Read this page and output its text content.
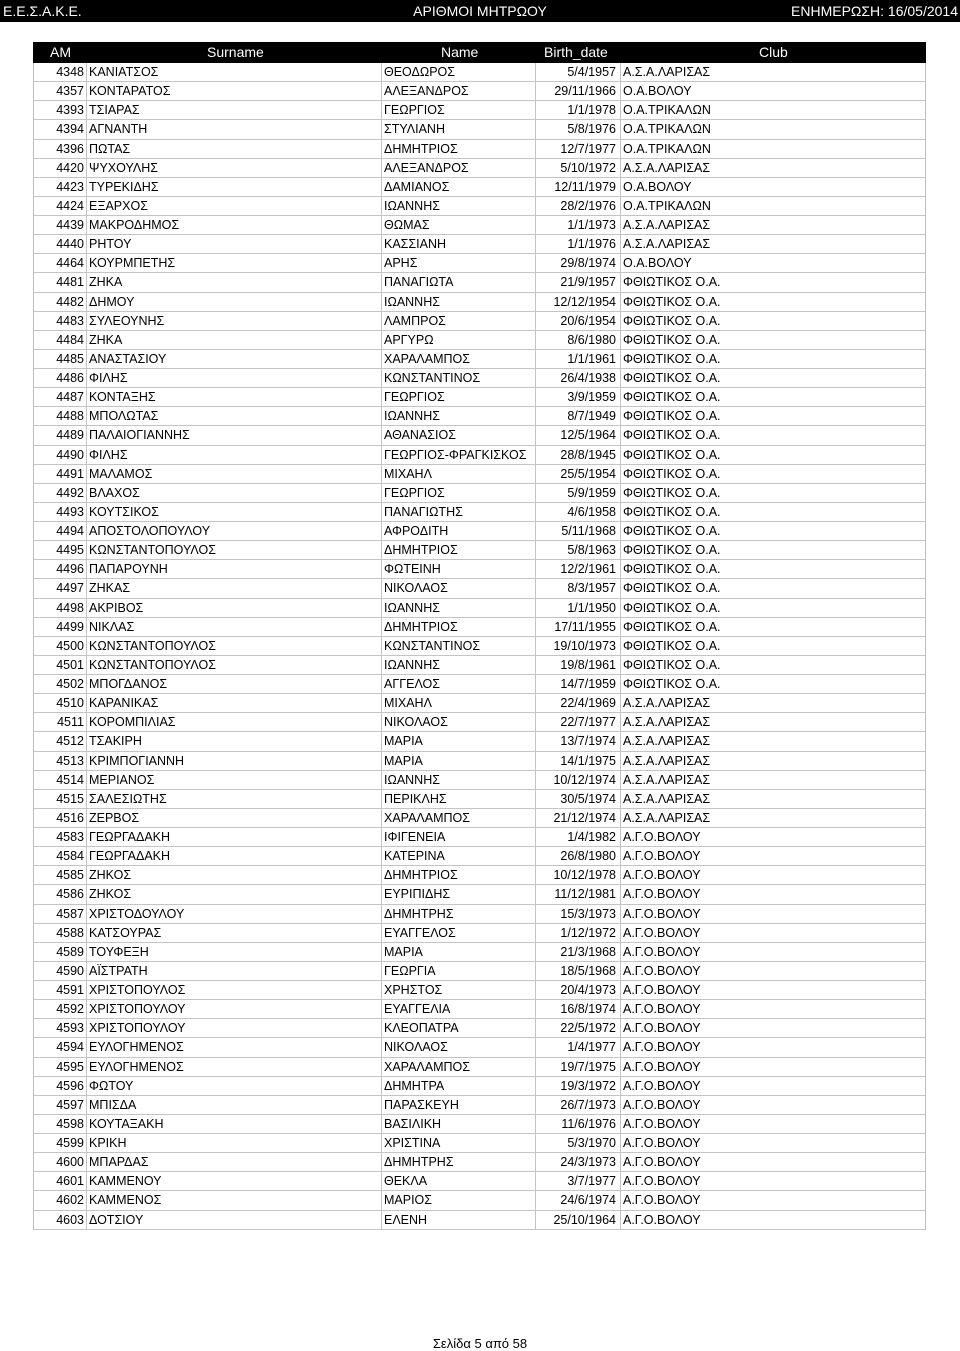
Ε.Ε.Σ.Α.Κ.Ε.	ΑΡΙΘΜΟΙ ΜΗΤΡΩΟΥ	ΕΝΗΜΕΡΩΣΗ: 16/05/2014
AM	Surname	Name	Birth_date	Club
4348 ΚΑΝΙΑΤΣΟΣ	ΘΕΟΔΩΡΟΣ	5/4/1957 Α.Σ.Α.ΛΑΡΙΣΑΣ
4357 ΚΟΝΤΑΡΑΤΟΣ	ΑΛΕΞΑΝΔΡΟΣ	29/11/1966 Ο.Α.ΒΟΛΟΥ
4393 ΤΣΙΑΡΑΣ	ΓΕΩΡΓΙΟΣ	1/1/1978 Ο.Α.ΤΡΙΚΑΛΩΝ
4394 ΑΓΝΑΝΤΗ	ΣΤΥΛΙΑΝΗ	5/8/1976 Ο.Α.ΤΡΙΚΑΛΩΝ
4396 ΠΩΤΑΣ	ΔΗΜΗΤΡΙΟΣ	12/7/1977 Ο.Α.ΤΡΙΚΑΛΩΝ
4420 ΨΥΧΟΥΛΗΣ	ΑΛΕΞΑΝΔΡΟΣ	5/10/1972 Α.Σ.Α.ΛΑΡΙΣΑΣ
4423 ΤΥΡΕΚΙΔΗΣ	ΔΑΜΙΑΝΟΣ	12/11/1979 Ο.Α.ΒΟΛΟΥ
4424 ΕΞΑΡΧΟΣ	ΙΩΑΝΝΗΣ	28/2/1976 Ο.Α.ΤΡΙΚΑΛΩΝ
4439 ΜΑΚΡΟΔΗΜΟΣ	ΘΩΜΑΣ	1/1/1973 Α.Σ.Α.ΛΑΡΙΣΑΣ
4440 ΡΗΤΟΥ	ΚΑΣΣΙΑΝΗ	1/1/1976 Α.Σ.Α.ΛΑΡΙΣΑΣ
4464 ΚΟΥΡΜΠΕΤΗΣ	ΑΡΗΣ	29/8/1974 Ο.Α.ΒΟΛΟΥ
4481 ΖΗΚΑ	ΠΑΝΑΓΙΩΤΑ	21/9/1957 ΦΘΙΩΤΙΚΟΣ Ο.Α.
4482 ΔΗΜΟΥ	ΙΩΑΝΝΗΣ	12/12/1954 ΦΘΙΩΤΙΚΟΣ Ο.Α.
4483 ΣΥΛΕΟΥΝΗΣ	ΛΑΜΠΡΟΣ	20/6/1954 ΦΘΙΩΤΙΚΟΣ Ο.Α.
4484 ΖΗΚΑ	ΑΡΓΥΡΩ	8/6/1980 ΦΘΙΩΤΙΚΟΣ Ο.Α.
4485 ΑΝΑΣΤΑΣΙΟΥ	ΧΑΡΑΛΑΜΠΟΣ	1/1/1961 ΦΘΙΩΤΙΚΟΣ Ο.Α.
4486 ΦΙΛΗΣ	ΚΩΝΣΤΑΝΤΙΝΟΣ	26/4/1938 ΦΘΙΩΤΙΚΟΣ Ο.Α.
4487 ΚΟΝΤΑΞΗΣ	ΓΕΩΡΓΙΟΣ	3/9/1959 ΦΘΙΩΤΙΚΟΣ Ο.Α.
4488 ΜΠΟΛΩΤΑΣ	ΙΩΑΝΝΗΣ	8/7/1949 ΦΘΙΩΤΙΚΟΣ Ο.Α.
4489 ΠΑΛΑΙΟΓΙΑΝΝΗΣ	ΑΘΑΝΑΣΙΟΣ	12/5/1964 ΦΘΙΩΤΙΚΟΣ Ο.Α.
4490 ΦΙΛΗΣ	ΓΕΩΡΓΙΟΣ-ΦΡΑΓΚΙΣΚΟΣ	28/8/1945 ΦΘΙΩΤΙΚΟΣ Ο.Α.
4491 ΜΑΛΑΜΟΣ	ΜΙΧΑΗΛ	25/5/1954 ΦΘΙΩΤΙΚΟΣ Ο.Α.
4492 ΒΛΑΧΟΣ	ΓΕΩΡΓΙΟΣ	5/9/1959 ΦΘΙΩΤΙΚΟΣ Ο.Α.
4493 ΚΟΥΤΣΙΚΟΣ	ΠΑΝΑΓΙΩΤΗΣ	4/6/1958 ΦΘΙΩΤΙΚΟΣ Ο.Α.
4494 ΑΠΟΣΤΟΛΟΠΟΥΛΟΥ	ΑΦΡΟΔΙΤΗ	5/11/1968 ΦΘΙΩΤΙΚΟΣ Ο.Α.
4495 ΚΩΝΣΤΑΝΤΟΠΟΥΛΟΣ	ΔΗΜΗΤΡΙΟΣ	5/8/1963 ΦΘΙΩΤΙΚΟΣ Ο.Α.
4496 ΠΑΠΑΡΟΥΝΗ	ΦΩΤΕΙΝΗ	12/2/1961 ΦΘΙΩΤΙΚΟΣ Ο.Α.
4497 ΖΗΚΑΣ	ΝΙΚΟΛΑΟΣ	8/3/1957 ΦΘΙΩΤΙΚΟΣ Ο.Α.
4498 ΑΚΡΙΒΟΣ	ΙΩΑΝΝΗΣ	1/1/1950 ΦΘΙΩΤΙΚΟΣ Ο.Α.
4499 ΝΙΚΛΑΣ	ΔΗΜΗΤΡΙΟΣ	17/11/1955 ΦΘΙΩΤΙΚΟΣ Ο.Α.
4500 ΚΩΝΣΤΑΝΤΟΠΟΥΛΟΣ	ΚΩΝΣΤΑΝΤΙΝΟΣ	19/10/1973 ΦΘΙΩΤΙΚΟΣ Ο.Α.
4501 ΚΩΝΣΤΑΝΤΟΠΟΥΛΟΣ	ΙΩΑΝΝΗΣ	19/8/1961 ΦΘΙΩΤΙΚΟΣ Ο.Α.
4502 ΜΠΟΓΔΑΝΟΣ	ΑΓΓΕΛΟΣ	14/7/1959 ΦΘΙΩΤΙΚΟΣ Ο.Α.
4510 ΚΑΡΑΝΙΚΑΣ	ΜΙΧΑΗΛ	22/4/1969 Α.Σ.Α.ΛΑΡΙΣΑΣ
4511 ΚΟΡΟΜΠΙΛΙΑΣ	ΝΙΚΟΛΑΟΣ	22/7/1977 Α.Σ.Α.ΛΑΡΙΣΑΣ
4512 ΤΣΑΚΙΡΗ	ΜΑΡΙΑ	13/7/1974 Α.Σ.Α.ΛΑΡΙΣΑΣ
4513 ΚΡΙΜΠΟΓΙΑΝΝΗ	ΜΑΡΙΑ	14/1/1975 Α.Σ.Α.ΛΑΡΙΣΑΣ
4514 ΜΕΡΙΑΝΟΣ	ΙΩΑΝΝΗΣ	10/12/1974 Α.Σ.Α.ΛΑΡΙΣΑΣ
4515 ΣΑΛΕΣΙΩΤΗΣ	ΠΕΡΙΚΛΗΣ	30/5/1974 Α.Σ.Α.ΛΑΡΙΣΑΣ
4516 ΖΕΡΒΟΣ	ΧΑΡΑΛΑΜΠΟΣ	21/12/1974 Α.Σ.Α.ΛΑΡΙΣΑΣ
4583 ΓΕΩΡΓΑΔΑΚΗ	ΙΦΙΓΕΝΕΙΑ	1/4/1982 Α.Γ.Ο.ΒΟΛΟΥ
4584 ΓΕΩΡΓΑΔΑΚΗ	ΚΑΤΕΡΙΝΑ	26/8/1980 Α.Γ.Ο.ΒΟΛΟΥ
4585 ΖΗΚΟΣ	ΔΗΜΗΤΡΙΟΣ	10/12/1978 Α.Γ.Ο.ΒΟΛΟΥ
4586 ΖΗΚΟΣ	ΕΥΡΙΠΙΔΗΣ	11/12/1981 Α.Γ.Ο.ΒΟΛΟΥ
4587 ΧΡΙΣΤΟΔΟΥΛΟΥ	ΔΗΜΗΤΡΗΣ	15/3/1973 Α.Γ.Ο.ΒΟΛΟΥ
4588 ΚΑΤΣΟΥΡΑΣ	ΕΥΑΓΓΕΛΟΣ	1/12/1972 Α.Γ.Ο.ΒΟΛΟΥ
4589 ΤΟΥΦΕΞΗ	ΜΑΡΙΑ	21/3/1968 Α.Γ.Ο.ΒΟΛΟΥ
4590 ΑΪΣΤΡΑΤΗ	ΓΕΩΡΓΙΑ	18/5/1968 Α.Γ.Ο.ΒΟΛΟΥ
4591 ΧΡΙΣΤΟΠΟΥΛΟΣ	ΧΡΗΣΤΟΣ	20/4/1973 Α.Γ.Ο.ΒΟΛΟΥ
4592 ΧΡΙΣΤΟΠΟΥΛΟΥ	ΕΥΑΓΓΕΛΙΑ	16/8/1974 Α.Γ.Ο.ΒΟΛΟΥ
4593 ΧΡΙΣΤΟΠΟΥΛΟΥ	ΚΛΕΟΠΑΤΡΑ	22/5/1972 Α.Γ.Ο.ΒΟΛΟΥ
4594 ΕΥΛΟΓΗΜΕΝΟΣ	ΝΙΚΟΛΑΟΣ	1/4/1977 Α.Γ.Ο.ΒΟΛΟΥ
4595 ΕΥΛΟΓΗΜΕΝΟΣ	ΧΑΡΑΛΑΜΠΟΣ	19/7/1975 Α.Γ.Ο.ΒΟΛΟΥ
4596 ΦΩΤΟΥ	ΔΗΜΗΤΡΑ	19/3/1972 Α.Γ.Ο.ΒΟΛΟΥ
4597 ΜΠΙΣΔΑ	ΠΑΡΑΣΚΕΥΗ	26/7/1973 Α.Γ.Ο.ΒΟΛΟΥ
4598 ΚΟΥΤΑΞΑΚΗ	ΒΑΣΙΛΙΚΗ	11/6/1976 Α.Γ.Ο.ΒΟΛΟΥ
4599 ΚΡΙΚΗ	ΧΡΙΣΤΙΝΑ	5/3/1970 Α.Γ.Ο.ΒΟΛΟΥ
4600 ΜΠΑΡΔΑΣ	ΔΗΜΗΤΡΗΣ	24/3/1973 Α.Γ.Ο.ΒΟΛΟΥ
4601 ΚΑΜΜΕΝΟΥ	ΘΕΚΛΑ	3/7/1977 Α.Γ.Ο.ΒΟΛΟΥ
4602 ΚΑΜΜΕΝΟΣ	ΜΑΡΙΟΣ	24/6/1974 Α.Γ.Ο.ΒΟΛΟΥ
4603 ΔΟΤΣΙΟΥ	ΕΛΕΝΗ	25/10/1964 Α.Γ.Ο.ΒΟΛΟΥ
Σελίδα 5 από 58
